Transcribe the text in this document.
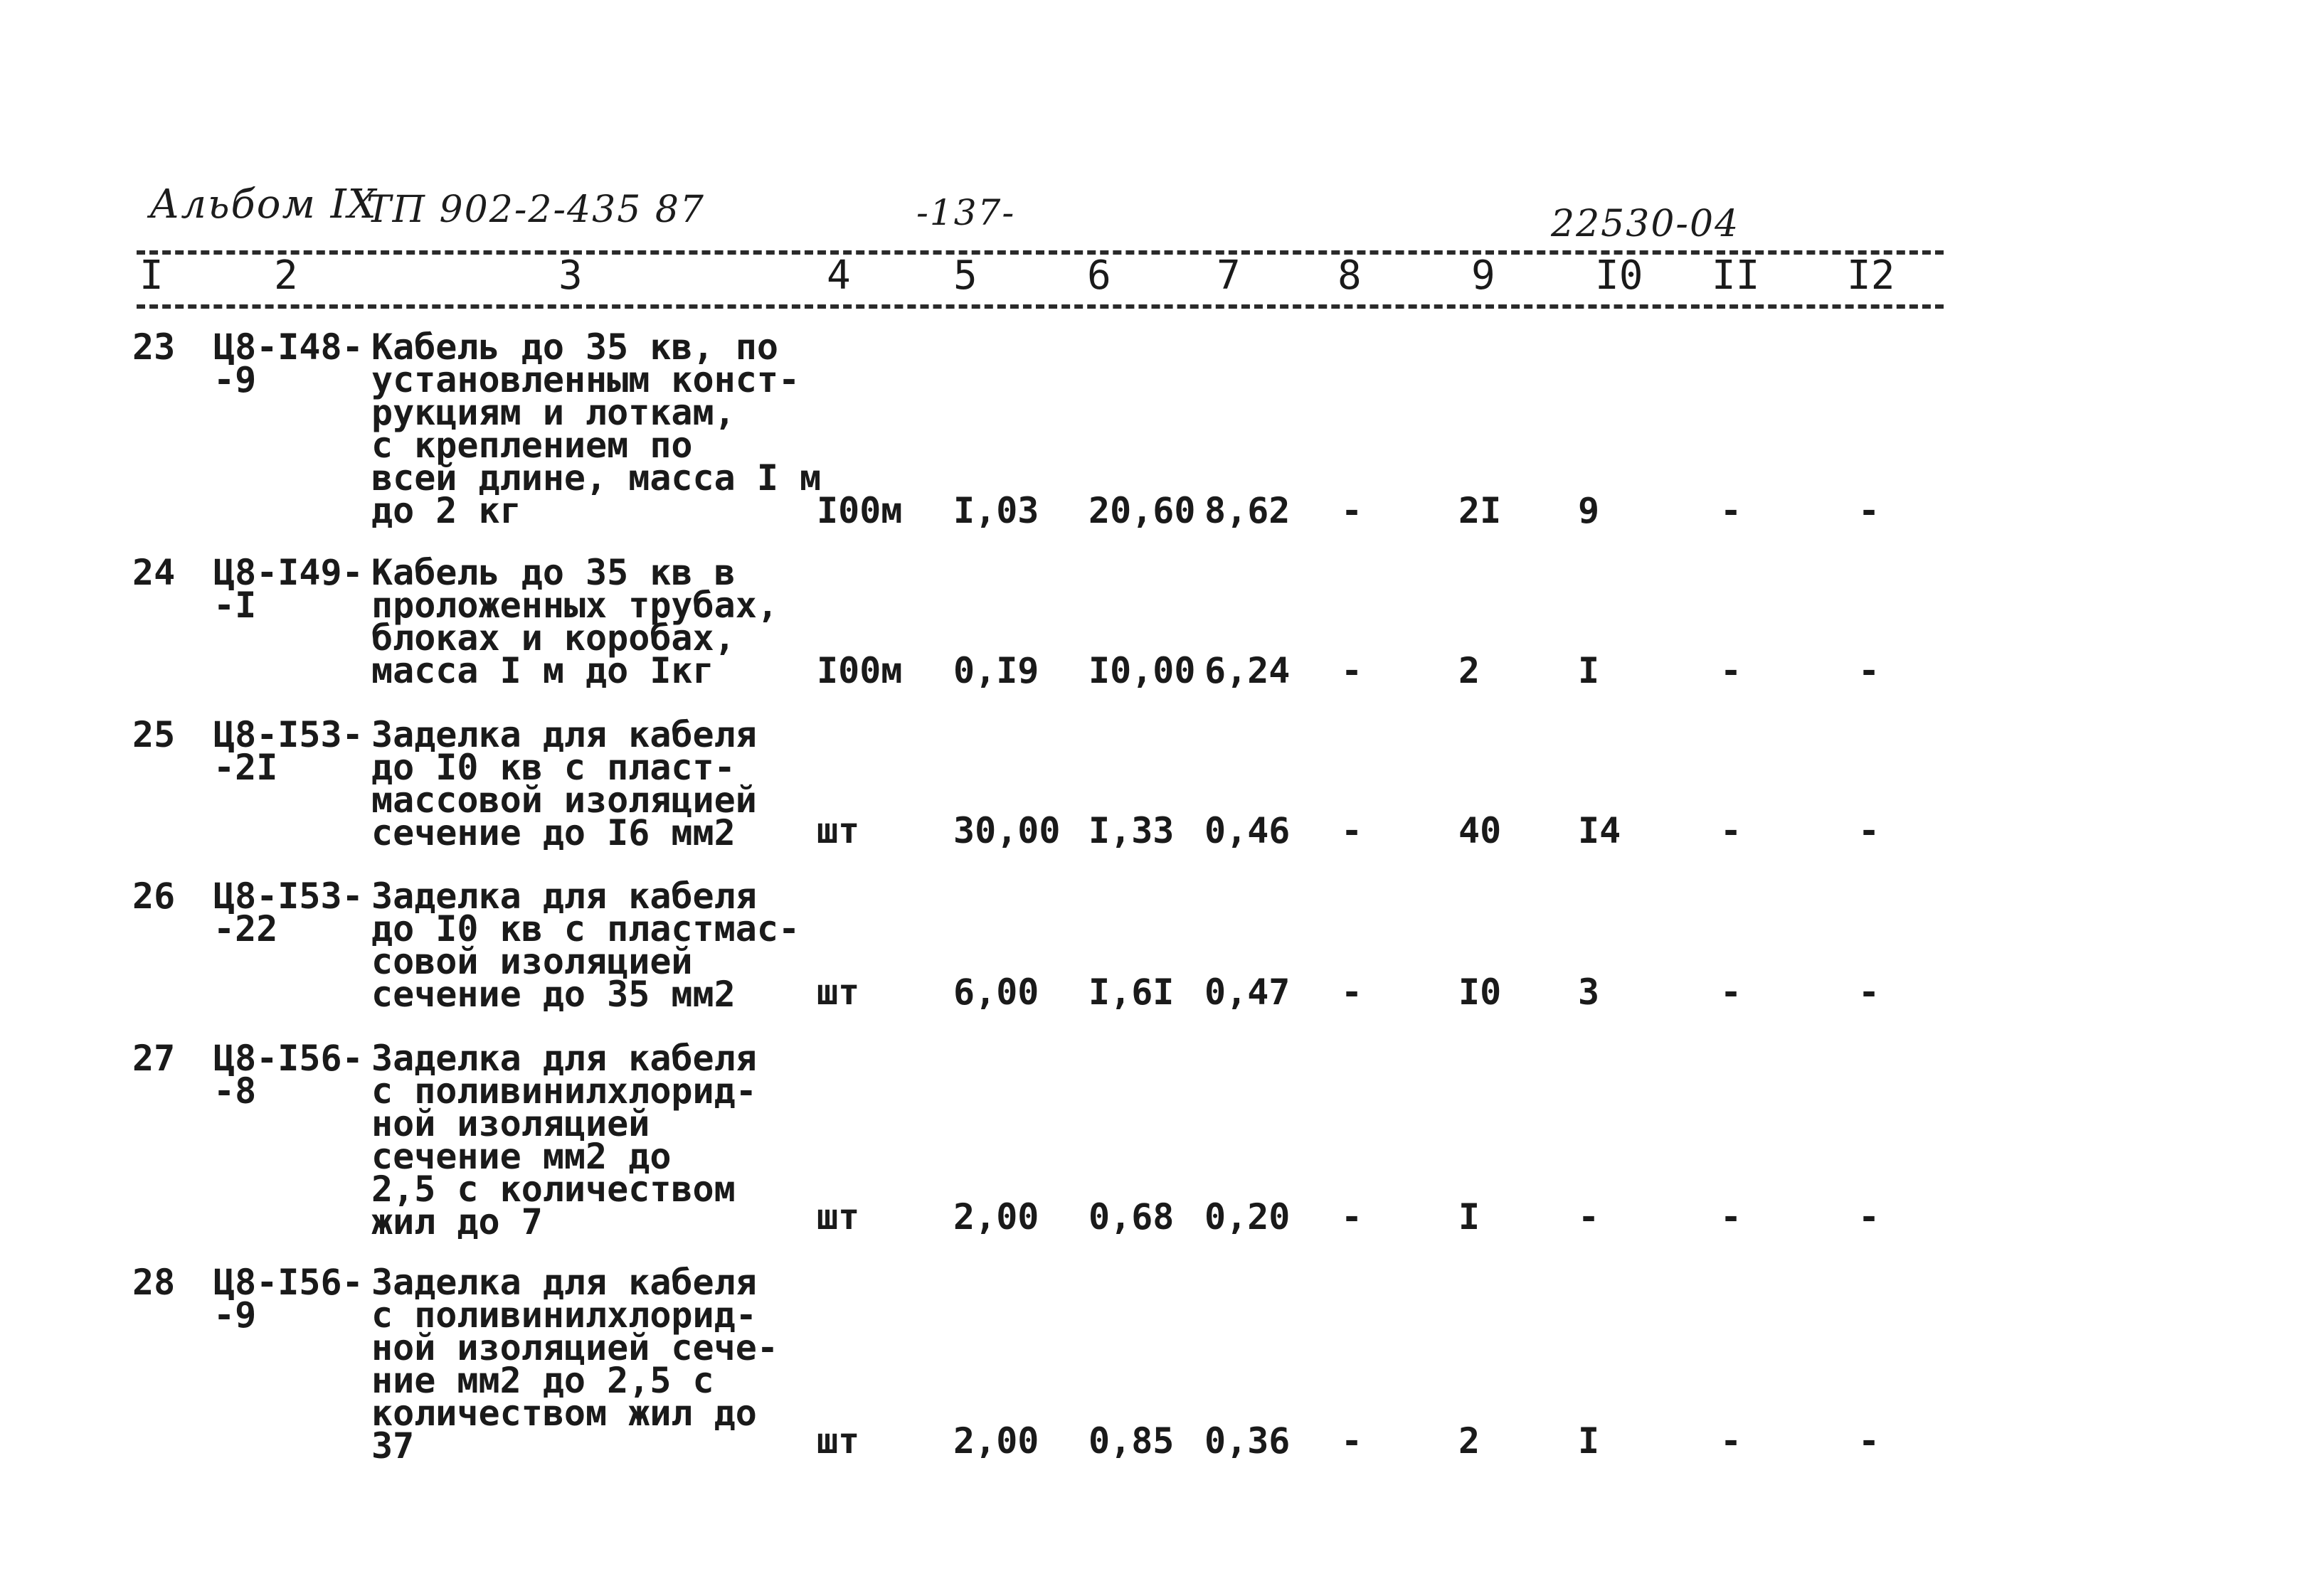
Альбом IX
ТП 902-2-435 87	-137-	22530-04
I	2	3	4	5	6	7 8	9	I0 II I2
23 Ц8-I48-
-9
Кабель до 35 кв, по
установленным конст-
рукциям и лоткам,
с креплением по
всей длине, масса I м
до 2 кг	I00м I,03 20,60 8,62 -	2I 9	-	-
24 Ц8-I49-
-I
Кабель до 35 кв в
проложенных трубах,
блоках и коробах,
масса I м до Iкг	I00м 0,I9 I0,00 6,24 -	2	I	-	-
25 Ц8-I53-
-2I
Заделка для кабеля
до I0 кв с пласт-
массовой изоляцией
сечение до I6 мм2	шт	30,00 I,33 0,46 -	40 I4	-	-
26 Ц8-I53-
-22
Заделка для кабеля
до I0 кв с пластмас-
совой изоляцией
сечение до 35 мм2	шт	6,00 I,6I 0,47 -	I0 3	-	-
27 Ц8-I56-
-8
Заделка для кабеля
с поливинилхлорид-
ной изоляцией
сечение мм2 до
2,5 с количеством
жил до 7	шт	2,00 0,68 0,20 -	I	-	-	-
28 Ц8-I56-
-9
Заделка для кабеля
с поливинилхлорид-
ной изоляцией сече-
ние мм2 до 2,5 с
количеством жил до
37	шт	2,00 0,85 0,36 -	2	I	-	-
